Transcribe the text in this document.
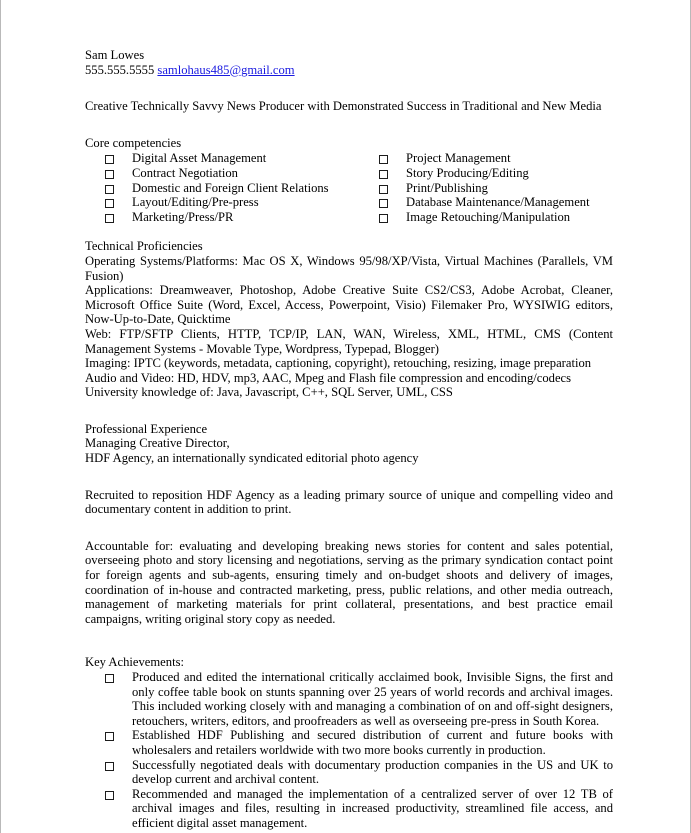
Sam Lowes
555.555.5555 samlohaus485@gmail.com
Creative Technically Savvy News Producer with Demonstrated Success in Traditional and New Media
Core competencies
Digital Asset Management
Contract Negotiation
Domestic and Foreign Client Relations
Layout/Editing/Pre-press
Marketing/Press/PR
Project Management
Story Producing/Editing
Print/Publishing
Database Maintenance/Management
Image Retouching/Manipulation
Technical Proficiencies
Operating Systems/Platforms: Mac OS X, Windows 95/98/XP/Vista, Virtual Machines (Parallels, VM Fusion)
Applications: Dreamweaver, Photoshop, Adobe Creative Suite CS2/CS3, Adobe Acrobat, Cleaner, Microsoft Office Suite (Word, Excel, Access, Powerpoint, Visio) Filemaker Pro, WYSIWIG editors, Now-Up-to-Date, Quicktime
Web: FTP/SFTP Clients, HTTP, TCP/IP, LAN, WAN, Wireless, XML, HTML, CMS (Content Management Systems - Movable Type, Wordpress, Typepad, Blogger)
Imaging: IPTC (keywords, metadata, captioning, copyright), retouching, resizing, image preparation
Audio and Video: HD, HDV, mp3, AAC, Mpeg and Flash file compression and encoding/codecs
University knowledge of: Java, Javascript, C++, SQL Server, UML, CSS
Professional Experience
Managing Creative Director,
HDF Agency, an internationally syndicated editorial photo agency
Recruited to reposition HDF Agency as a leading primary source of unique and compelling video and documentary content in addition to print.
Accountable for: evaluating and developing breaking news stories for content and sales potential, overseeing photo and story licensing and negotiations, serving as the primary syndication contact point for foreign agents and sub-agents, ensuring timely and on-budget shoots and delivery of images, coordination of in-house and contracted marketing, press, public relations, and other media outreach, management of marketing materials for print collateral, presentations, and best practice email campaigns, writing original story copy as needed.
Key Achievements:
Produced and edited the international critically acclaimed book, Invisible Signs, the first and only coffee table book on stunts spanning over 25 years of world records and archival images. This included working closely with and managing a combination of on and off-sight designers, retouchers, writers, editors, and proofreaders as well as overseeing pre-press in South Korea.
Established HDF Publishing and secured distribution of current and future books with wholesalers and retailers worldwide with two more books currently in production.
Successfully negotiated deals with documentary production companies in the US and UK to develop current and archival content.
Recommended and managed the implementation of a centralized server of over 12 TB of archival images and files, resulting in increased productivity, streamlined file access, and efficient digital asset management.
